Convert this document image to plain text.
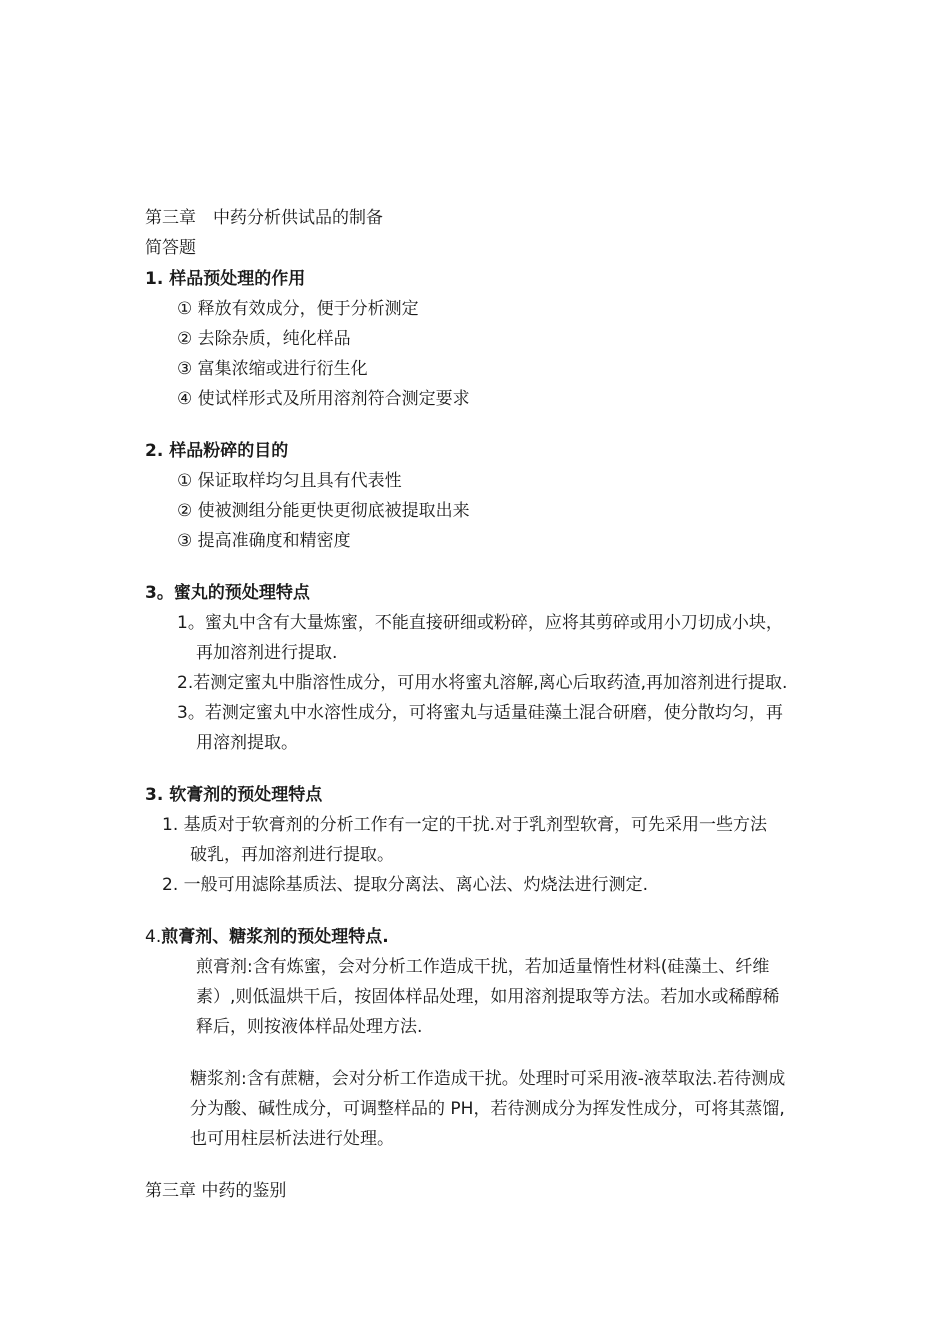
第三章　中药分析供试品的制备
简答题
1. 样品预处理的作用
① 释放有效成分，便于分析测定
② 去除杂质，纯化样品
③ 富集浓缩或进行衍生化
④ 使试样形式及所用溶剂符合测定要求
2. 样品粉碎的目的
① 保证取样均匀且具有代表性
② 使被测组分能更快更彻底被提取出来
③ 提高准确度和精密度
3。蜜丸的预处理特点
1。蜜丸中含有大量炼蜜，不能直接研细或粉碎，应将其剪碎或用小刀切成小块，
再加溶剂进行提取.
2.若测定蜜丸中脂溶性成分，可用水将蜜丸溶解,离心后取药渣,再加溶剂进行提取.
3。若测定蜜丸中水溶性成分，可将蜜丸与适量硅藻土混合研磨，使分散均匀，再
用溶剂提取。
3. 软膏剂的预处理特点
1. 基质对于软膏剂的分析工作有一定的干扰.对于乳剂型软膏，可先采用一些方法
破乳，再加溶剂进行提取。
2. 一般可用滤除基质法、提取分离法、离心法、灼烧法进行测定.
4.煎膏剂、糖浆剂的预处理特点.
煎膏剂:含有炼蜜，会对分析工作造成干扰，若加适量惰性材料(硅藻土、纤维
素）,则低温烘干后，按固体样品处理，如用溶剂提取等方法。若加水或稀醇稀
释后，则按液体样品处理方法.
糖浆剂:含有蔗糖，会对分析工作造成干扰。处理时可采用液-液萃取法.若待测成
分为酸、碱性成分，可调整样品的 PH，若待测成分为挥发性成分，可将其蒸馏,
也可用柱层析法进行处理。
第三章 中药的鉴别
